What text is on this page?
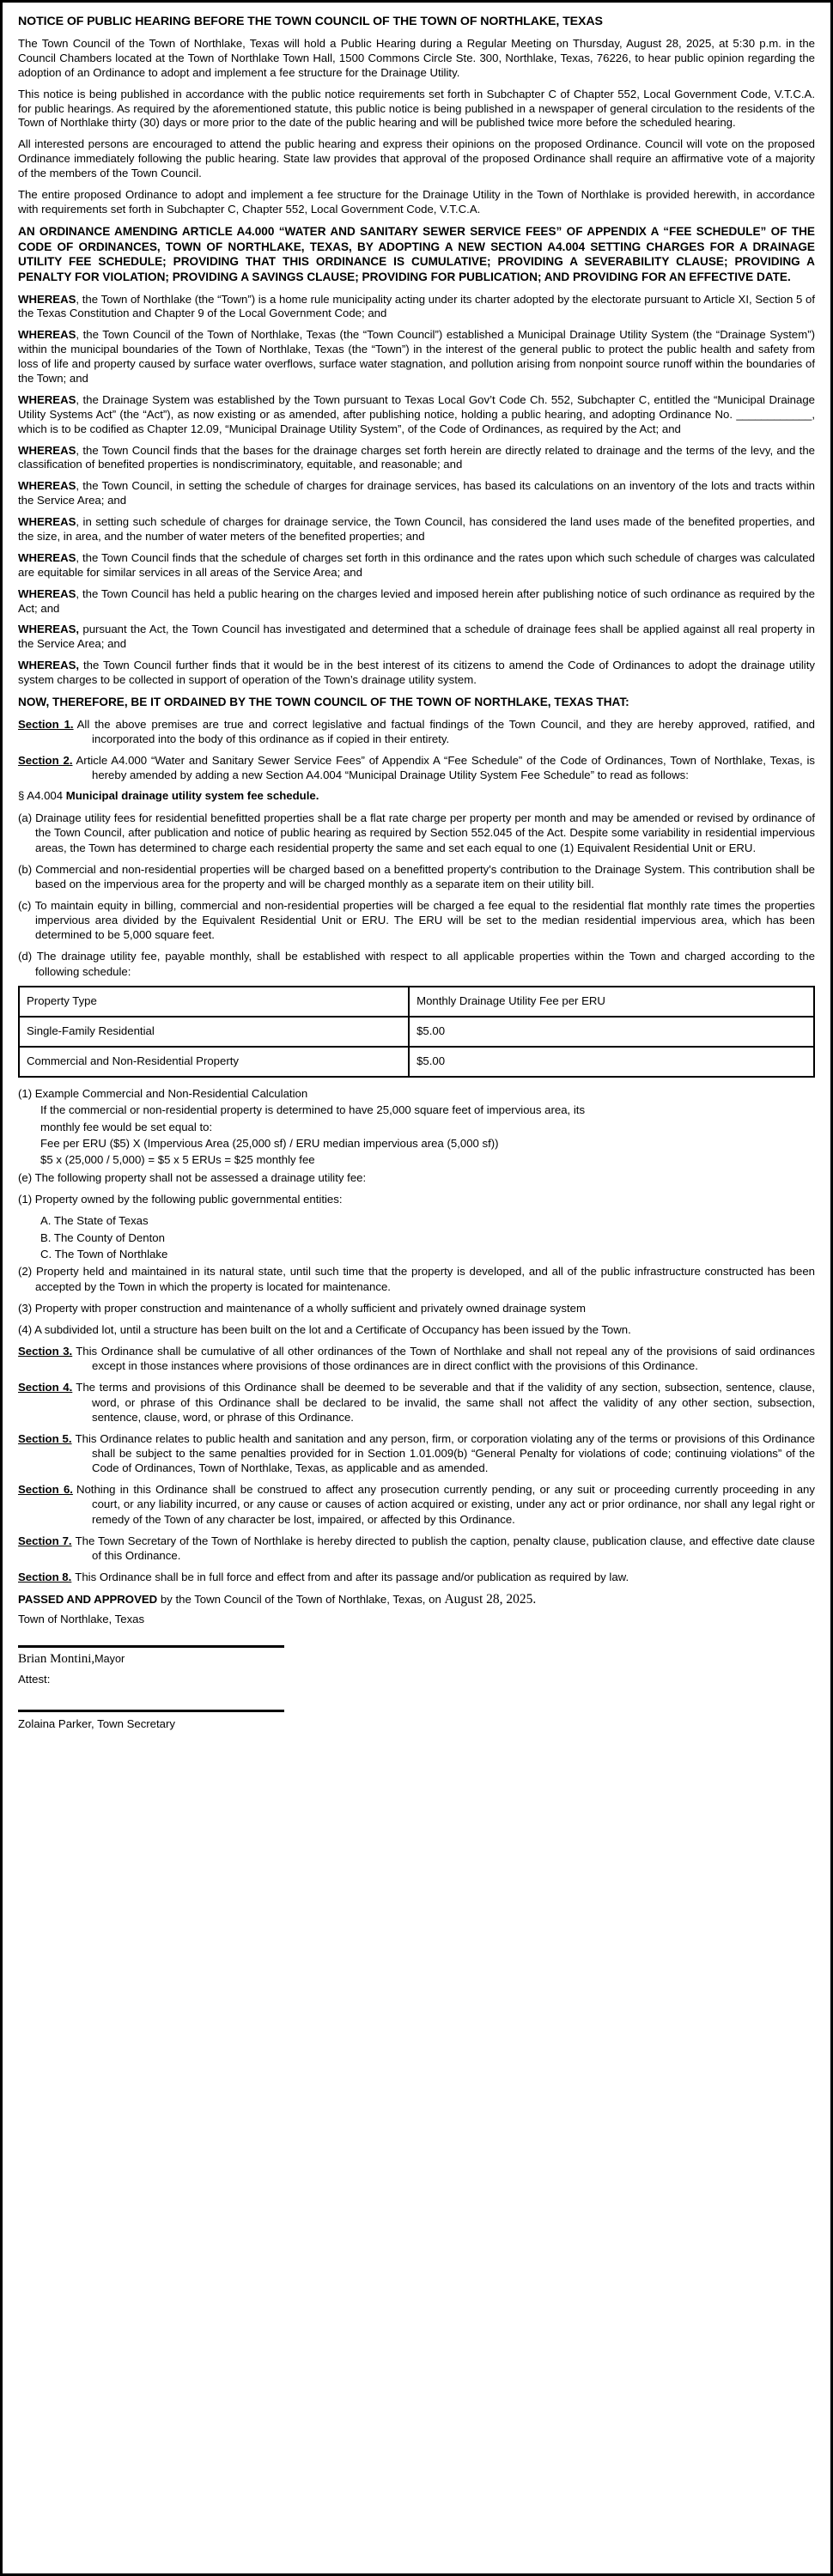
NOTICE OF PUBLIC HEARING BEFORE THE TOWN COUNCIL OF THE TOWN OF NORTHLAKE, TEXAS

The Town Council of the Town of Northlake, Texas will hold a Public Hearing during a Regular Meeting on Thursday, August 28, 2025, at 5:30 p.m. in the Council Chambers located at the Town of Northlake Town Hall, 1500 Commons Circle Ste. 300, Northlake, Texas, 76226, to hear public opinion regarding the adoption of an Ordinance to adopt and implement a fee structure for the Drainage Utility.

This notice is being published in accordance with the public notice requirements set forth in Subchapter C of Chapter 552, Local Government Code, V.T.C.A. for public hearings. As required by the aforementioned statute, this public notice is being published in a newspaper of general circulation to the residents of the Town of Northlake thirty (30) days or more prior to the date of the public hearing and will be published twice more before the scheduled hearing.

All interested persons are encouraged to attend the public hearing and express their opinions on the proposed Ordinance. Council will vote on the proposed Ordinance immediately following the public hearing. State law provides that approval of the proposed Ordinance shall require an affirmative vote of a majority of the members of the Town Council.

The entire proposed Ordinance to adopt and implement a fee structure for the Drainage Utility in the Town of Northlake is provided herewith, in accordance with requirements set forth in Subchapter C, Chapter 552, Local Government Code, V.T.C.A.

AN ORDINANCE AMENDING ARTICLE A4.000 “WATER AND SANITARY SEWER SERVICE FEES” OF APPENDIX A “FEE SCHEDULE” OF THE CODE OF ORDINANCES, TOWN OF NORTHLAKE, TEXAS, BY ADOPTING A NEW SECTION A4.004 SETTING CHARGES FOR A DRAINAGE UTILITY FEE SCHEDULE; PROVIDING THAT THIS ORDINANCE IS CUMULATIVE; PROVIDING A SEVERABILITY CLAUSE; PROVIDING A PENALTY FOR VIOLATION; PROVIDING A SAVINGS CLAUSE; PROVIDING FOR PUBLICATION; AND PROVIDING FOR AN EFFECTIVE DATE.

WHEREAS, the Town of Northlake (the “Town”) is a home rule municipality acting under its charter adopted by the electorate pursuant to Article XI, Section 5 of the Texas Constitution and Chapter 9 of the Local Government Code; and

WHEREAS, the Town Council of the Town of Northlake, Texas (the “Town Council”) established a Municipal Drainage Utility System (the “Drainage System”) within the municipal boundaries of the Town of Northlake, Texas (the “Town”) in the interest of the general public to protect the public health and safety from loss of life and property caused by surface water overflows, surface water stagnation, and pollution arising from nonpoint source runoff within the boundaries of the Town; and

WHEREAS, the Drainage System was established by the Town pursuant to Texas Local Gov’t Code Ch. 552, Subchapter C, entitled the “Municipal Drainage Utility Systems Act” (the “Act”), as now existing or as amended, after publishing notice, holding a public hearing, and adopting Ordinance No. ____________, which is to be codified as Chapter 12.09, “Municipal Drainage Utility System”, of the Code of Ordinances, as required by the Act; and

WHEREAS, the Town Council finds that the bases for the drainage charges set forth herein are directly related to drainage and the terms of the levy, and the classification of benefited properties is nondiscriminatory, equitable, and reasonable; and

WHEREAS, the Town Council, in setting the schedule of charges for drainage services, has based its calculations on an inventory of the lots and tracts within the Service Area; and

WHEREAS, in setting such schedule of charges for drainage service, the Town Council, has considered the land uses made of the benefited properties, and the size, in area, and the number of water meters of the benefited properties; and

WHEREAS, the Town Council finds that the schedule of charges set forth in this ordinance and the rates upon which such schedule of charges was calculated are equitable for similar services in all areas of the Service Area; and

WHEREAS, the Town Council has held a public hearing on the charges levied and imposed herein after publishing notice of such ordinance as required by the Act; and

WHEREAS, pursuant the Act, the Town Council has investigated and determined that a schedule of drainage fees shall be applied against all real property in the Service Area; and

WHEREAS, the Town Council further finds that it would be in the best interest of its citizens to amend the Code of Ordinances to adopt the drainage utility system charges to be collected in support of operation of the Town’s drainage utility system.

NOW, THEREFORE, BE IT ORDAINED BY THE TOWN COUNCIL OF THE TOWN OF NORTHLAKE, TEXAS THAT:

Section 1. All the above premises are true and correct legislative and factual findings of the Town Council, and they are hereby approved, ratified, and incorporated into the body of this ordinance as if copied in their entirety.
Section 2. Article A4.000 “Water and Sanitary Sewer Service Fees” of Appendix A “Fee Schedule” of the Code of Ordinances, Town of Northlake, Texas, is hereby amended by adding a new Section A4.004 “Municipal Drainage Utility System Fee Schedule” to read as follows:

§ A4.004 Municipal drainage utility system fee schedule.

(a) Drainage utility fees for residential benefitted properties shall be a flat rate charge per property per month and may be amended or revised by ordinance of the Town Council, after publication and notice of public hearing as required by Section 552.045 of the Act. Despite some variability in residential impervious areas, the Town has determined to charge each residential property the same and set each equal to one (1) Equivalent Residential Unit or ERU.
(b) Commercial and non-residential properties will be charged based on a benefitted property's contribution to the Drainage System. This contribution shall be based on the impervious area for the property and will be charged monthly as a separate item on their utility bill.
(c) To maintain equity in billing, commercial and non-residential properties will be charged a fee equal to the residential flat monthly rate times the properties impervious area divided by the Equivalent Residential Unit or ERU. The ERU will be set to the median residential impervious area, which has been determined to be 5,000 square feet.
(d) The drainage utility fee, payable monthly, shall be established with respect to all applicable properties within the Town and charged according to the following schedule:
Property Type	Monthly Drainage Utility Fee per ERU
Single-Family Residential	$5.00
Commercial and Non-Residential Property	$5.00

(1) Example Commercial and Non-Residential Calculation

If the commercial or non-residential property is determined to have 25,000 square feet of impervious area, its

monthly fee would be set equal to:

Fee per ERU ($5) X (Impervious Area (25,000 sf) / ERU median impervious area (5,000 sf))

$5 x (25,000 / 5,000) = $5 x 5 ERUs = $25 monthly fee

(e) The following property shall not be assessed a drainage utility fee:
(1) Property owned by the following public governmental entities:

A. The State of Texas

B. The County of Denton

C. The Town of Northlake

(2) Property held and maintained in its natural state, until such time that the property is developed, and all of the public infrastructure constructed has been accepted by the Town in which the property is located for maintenance.
(3) Property with proper construction and maintenance of a wholly sufficient and privately owned drainage system
(4) A subdivided lot, until a structure has been built on the lot and a Certificate of Occupancy has been issued by the Town.
Section 3. This Ordinance shall be cumulative of all other ordinances of the Town of Northlake and shall not repeal any of the provisions of said ordinances except in those instances where provisions of those ordinances are in direct conflict with the provisions of this Ordinance.
Section 4. The terms and provisions of this Ordinance shall be deemed to be severable and that if the validity of any section, subsection, sentence, clause, word, or phrase of this Ordinance shall be declared to be invalid, the same shall not affect the validity of any other section, subsection, sentence, clause, word, or phrase of this Ordinance.
Section 5. This Ordinance relates to public health and sanitation and any person, firm, or corporation violating any of the terms or provisions of this Ordinance shall be subject to the same penalties provided for in Section 1.01.009(b) “General Penalty for violations of code; continuing violations” of the Code of Ordinances, Town of Northlake, Texas, as applicable and as amended.
Section 6. Nothing in this Ordinance shall be construed to affect any prosecution currently pending, or any suit or proceeding currently proceeding in any court, or any liability incurred, or any cause or causes of action acquired or existing, under any act or prior ordinance, nor shall any legal right or remedy of the Town of any character be lost, impaired, or affected by this Ordinance.
Section 7. The Town Secretary of the Town of Northlake is hereby directed to publish the caption, penalty clause, publication clause, and effective date clause of this Ordinance.
Section 8. This Ordinance shall be in full force and effect from and after its passage and/or publication as required by law.

PASSED AND APPROVED by the Town Council of the Town of Northlake, Texas, on August 28, 2025.

Town of Northlake, Texas

Brian Montini,Mayor

Attest:

Zolaina Parker, Town Secretary
